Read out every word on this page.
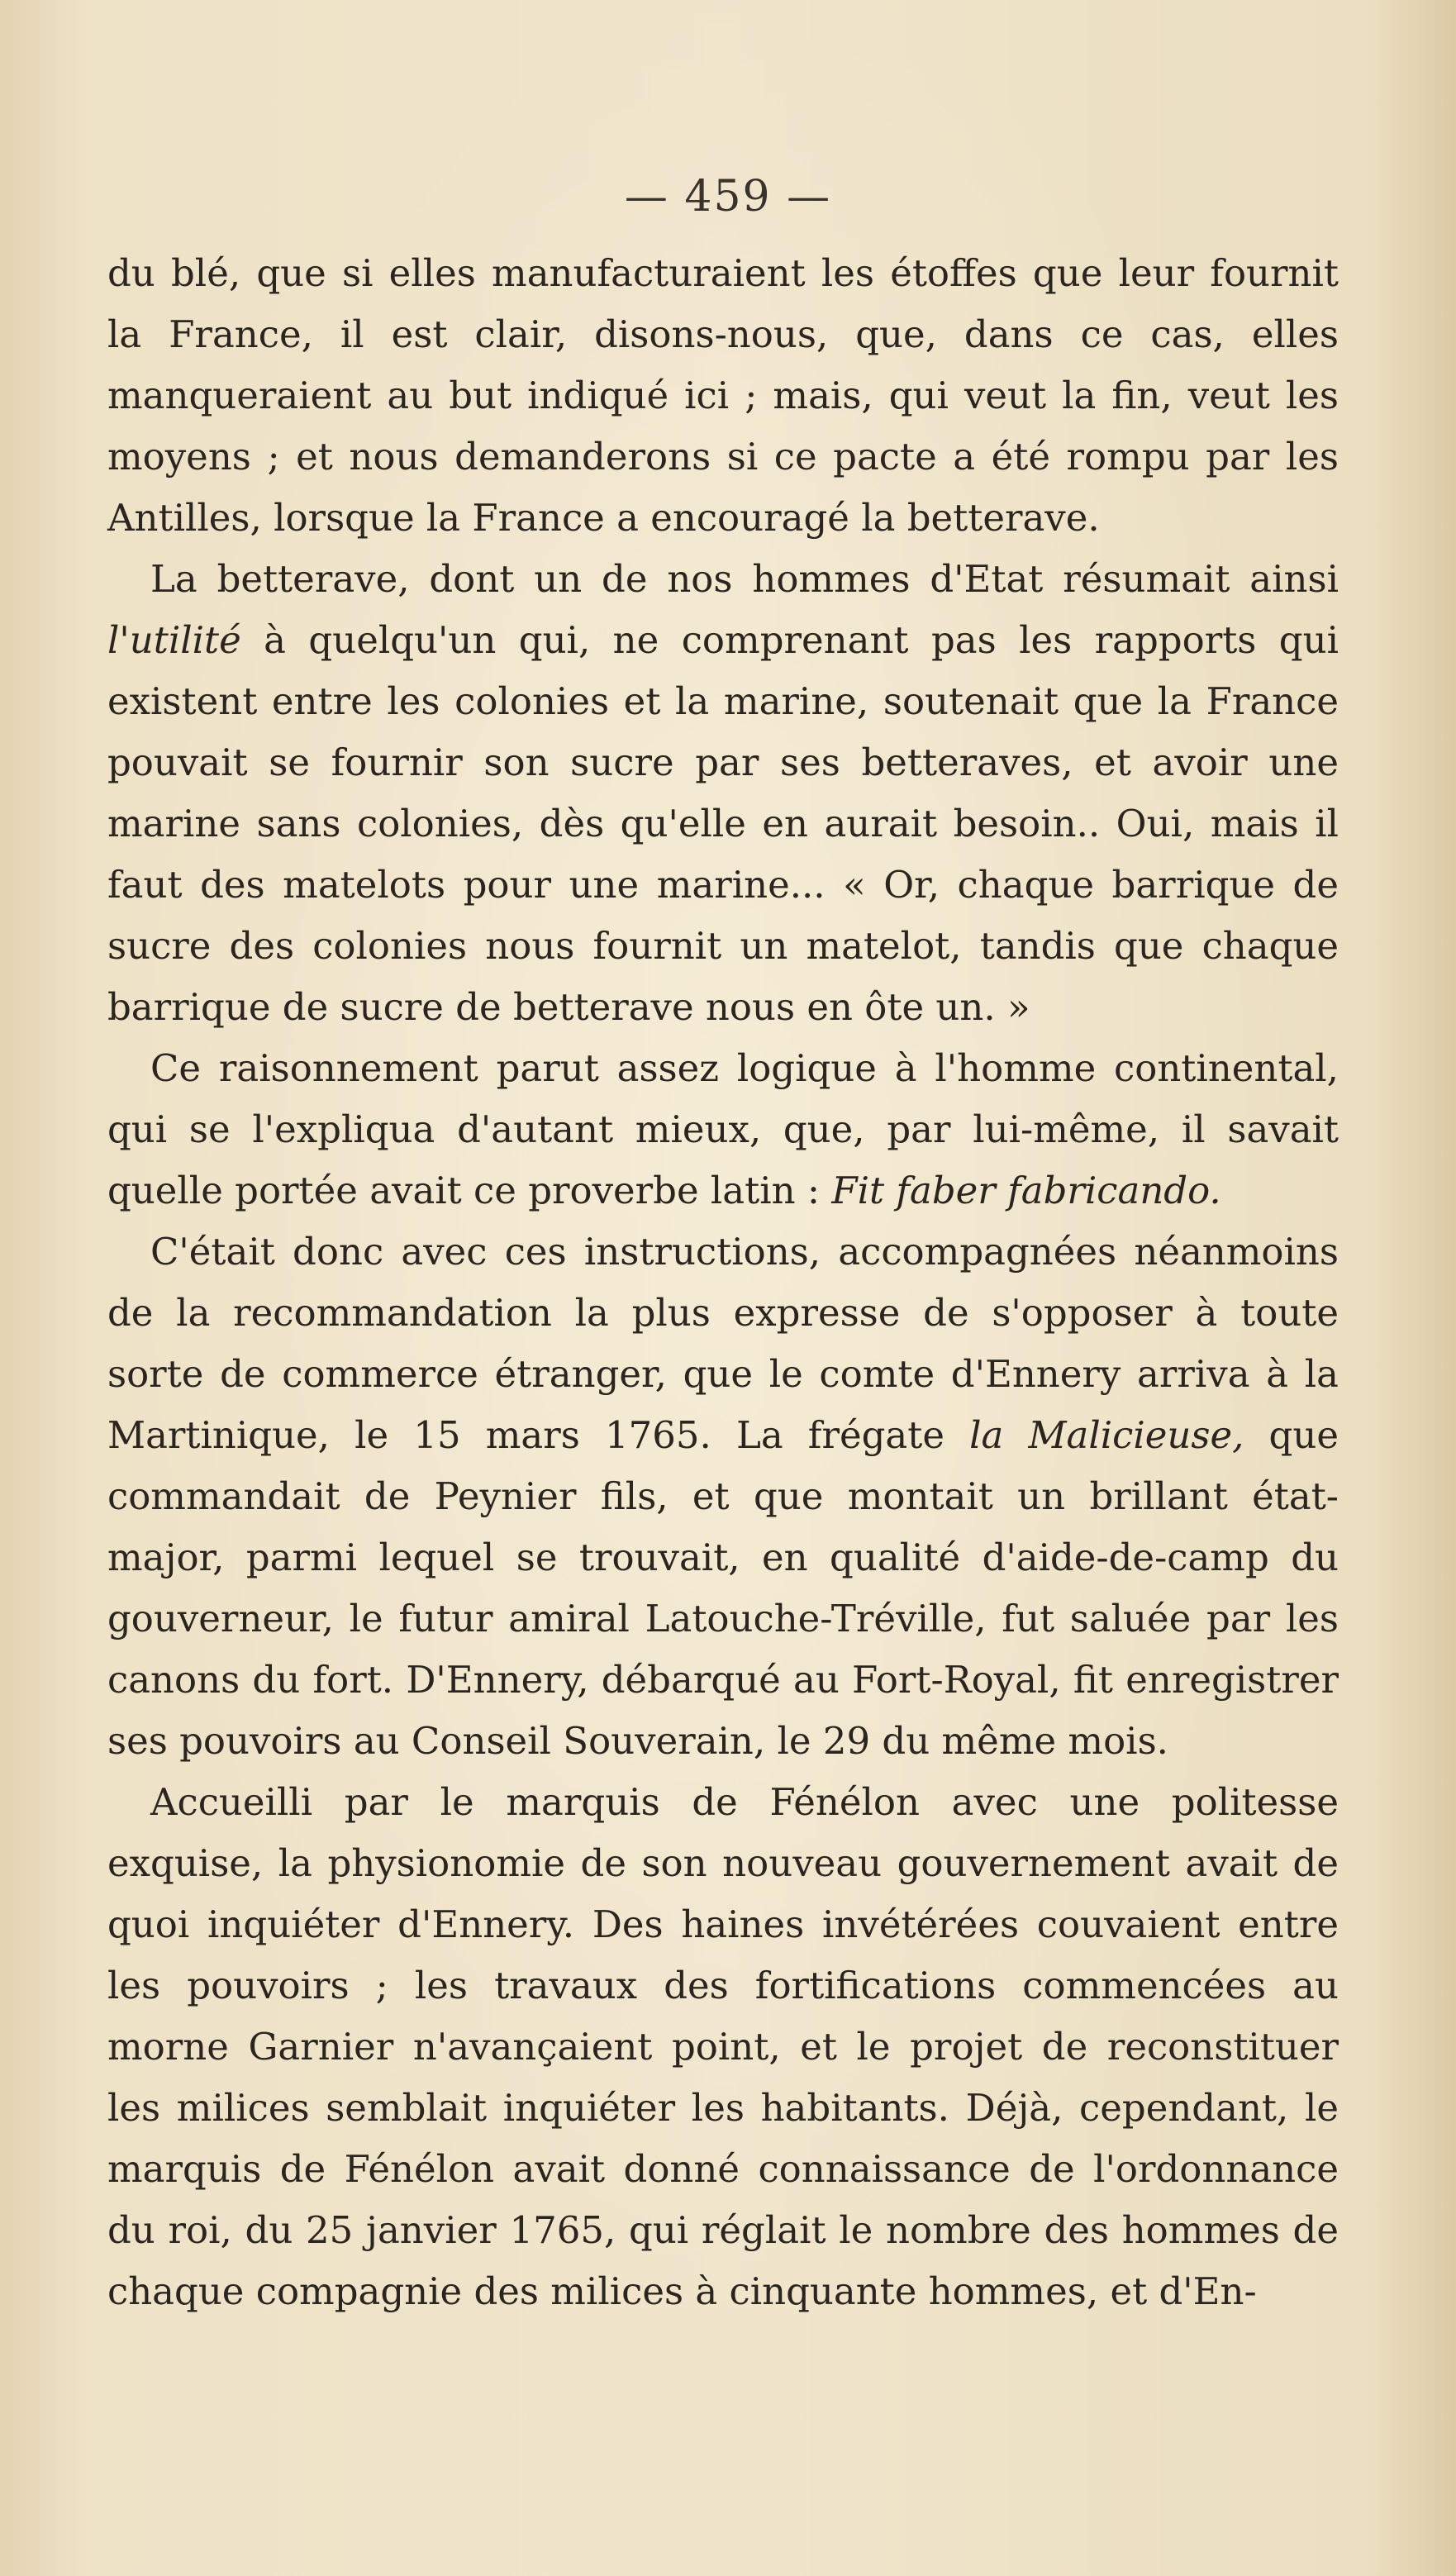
— 459 —

du blé, que si elles manufacturaient les étoffes que leur fournit la France, il est clair, disons-nous, que, dans ce cas, elles manqueraient au but indiqué ici ; mais, qui veut la fin, veut les moyens ; et nous demanderons si ce pacte a été rompu par les Antilles, lorsque la France a encouragé la betterave.

La betterave, dont un de nos hommes d'Etat résumait ainsi l'utilité à quelqu'un qui, ne comprenant pas les rapports qui existent entre les colonies et la marine, soutenait que la France pouvait se fournir son sucre par ses betteraves, et avoir une marine sans colonies, dès qu'elle en aurait besoin.. Oui, mais il faut des matelots pour une marine... « Or, chaque barrique de sucre des colonies nous fournit un matelot, tandis que chaque barrique de sucre de betterave nous en ôte un. »

Ce raisonnement parut assez logique à l'homme continental, qui se l'expliqua d'autant mieux, que, par lui-même, il savait quelle portée avait ce proverbe latin : Fit faber fabricando.

C'était donc avec ces instructions, accompagnées néanmoins de la recommandation la plus expresse de s'opposer à toute sorte de commerce étranger, que le comte d'Ennery arriva à la Martinique, le 15 mars 1765. La frégate la Malicieuse, que commandait de Peynier fils, et que montait un brillant état-major, parmi lequel se trouvait, en qualité d'aide-de-camp du gouverneur, le futur amiral Latouche-Tréville, fut saluée par les canons du fort. D'Ennery, débarqué au Fort-Royal, fit enregistrer ses pouvoirs au Conseil Souverain, le 29 du même mois.

Accueilli par le marquis de Fénélon avec une politesse exquise, la physionomie de son nouveau gouvernement avait de quoi inquiéter d'Ennery. Des haines invétérées couvaient entre les pouvoirs ; les travaux des fortifications commencées au morne Garnier n'avançaient point, et le projet de reconstituer les milices semblait inquiéter les habitants. Déjà, cependant, le marquis de Fénélon avait donné connaissance de l'ordonnance du roi, du 25 janvier 1765, qui réglait le nombre des hommes de chaque compagnie des milices à cinquante hommes, et d'En-
